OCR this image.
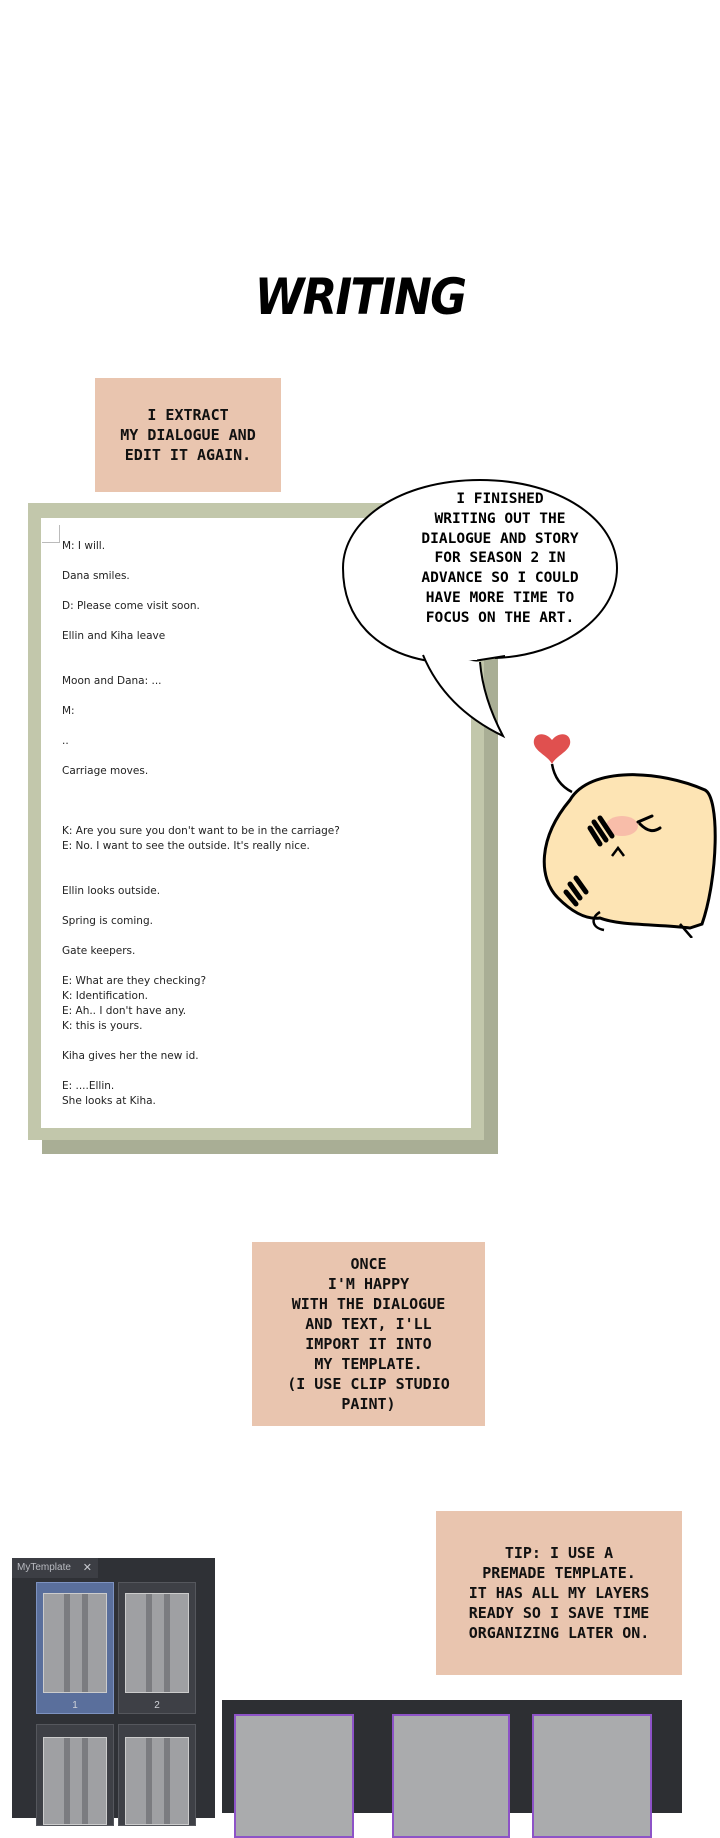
WRITING
I EXTRACT
MY DIALOGUE AND
EDIT IT AGAIN.
M: I will.
Dana smiles.
D: Please come visit soon.
Ellin and Kiha leave
Moon and Dana: ...
M:
..
Carriage moves.
K: Are you sure you don't want to be in the carriage?
E: No. I want to see the outside. It's really nice.
Ellin looks outside.
Spring is coming.
Gate keepers.
E: What are they checking?
K: Identification.
E: Ah.. I don't have any.
K: this is yours.
Kiha gives her the new id.
E: ....Ellin.
She looks at Kiha.
I FINISHED
WRITING OUT THE
DIALOGUE AND STORY
FOR SEASON 2 IN
ADVANCE SO I COULD
HAVE MORE TIME TO
FOCUS ON THE ART.
ONCE
I'M HAPPY
WITH THE DIALOGUE
AND TEXT, I'LL
IMPORT IT INTO
MY TEMPLATE.
(I USE CLIP STUDIO
PAINT)
TIP: I USE A
PREMADE TEMPLATE.
IT HAS ALL MY LAYERS
READY SO I SAVE TIME
ORGANIZING LATER ON.
MyTemplate ✕
1	2
